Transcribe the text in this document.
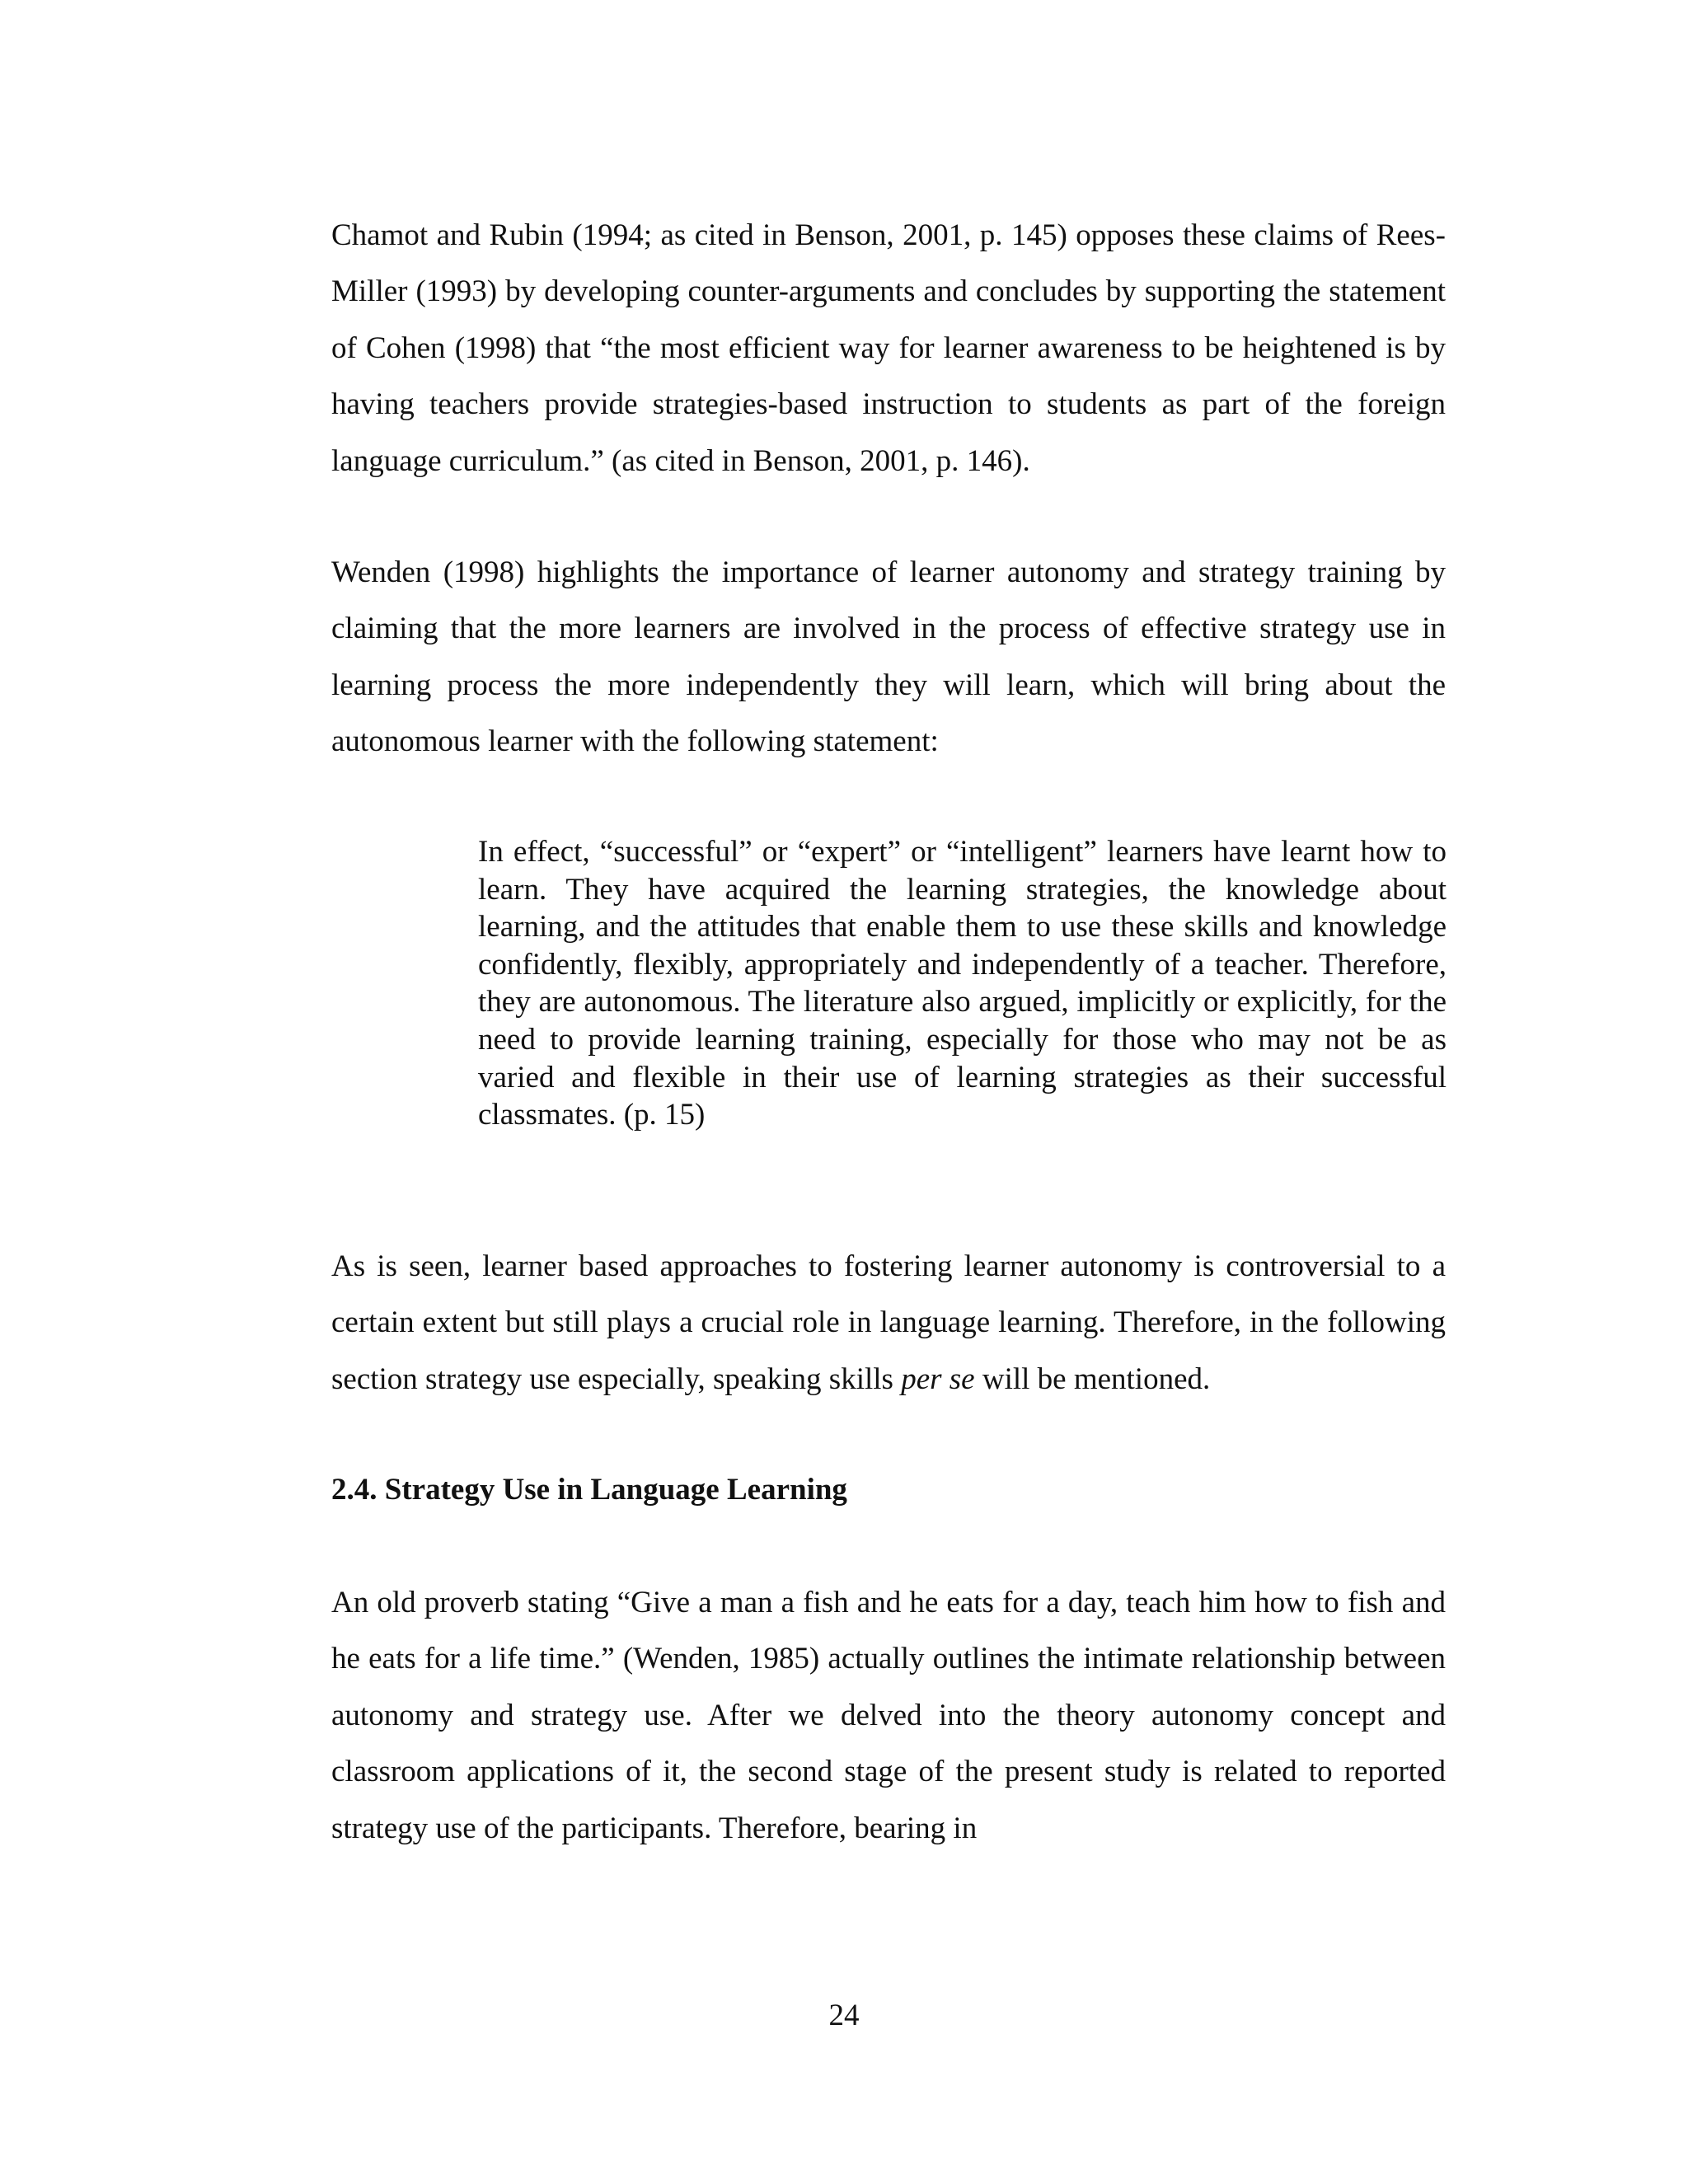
Chamot and Rubin (1994; as cited in Benson, 2001, p. 145) opposes these claims of Rees-Miller (1993) by developing counter-arguments and concludes by supporting the statement of Cohen (1998) that “the most efficient way for learner awareness to be heightened is by having teachers provide strategies-based instruction to students as part of the foreign language curriculum.” (as cited in Benson, 2001, p. 146).

Wenden (1998) highlights the importance of learner autonomy and strategy training by claiming that the more learners are involved in the process of effective strategy use in learning process the more independently they will learn, which will bring about the autonomous learner with the following statement:

In effect, “successful” or “expert” or “intelligent” learners have learnt how to learn. They have acquired the learning strategies, the knowledge about learning, and the attitudes that enable them to use these skills and knowledge confidently, flexibly, appropriately and independently of a teacher. Therefore, they are autonomous. The literature also argued, implicitly or explicitly, for the need to provide learning training, especially for those who may not be as varied and flexible in their use of learning strategies as their successful classmates. (p. 15)

As is seen, learner based approaches to fostering learner autonomy is controversial to a certain extent but still plays a crucial role in language learning. Therefore, in the following section strategy use especially, speaking skills per se will be mentioned.

2.4. Strategy Use in Language Learning

An old proverb stating “Give a man a fish and he eats for a day, teach him how to fish and he eats for a life time.” (Wenden, 1985) actually outlines the intimate relationship between autonomy and strategy use. After we delved into the theory autonomy concept and classroom applications of it, the second stage of the present study is related to reported strategy use of the participants. Therefore, bearing in

24
